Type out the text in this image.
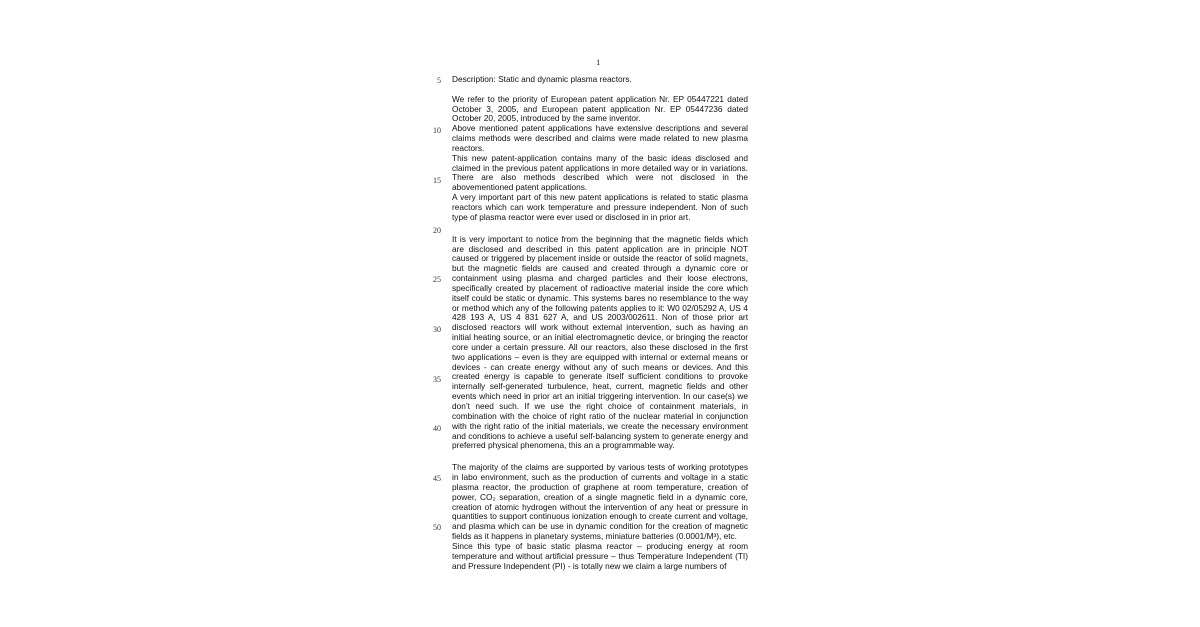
1
5
10
15
20
25
30
35
40
45
50

Description: Static and dynamic plasma reactors.

We refer to the priority of European patent application Nr. EP 05447221 dated October 3, 2005, and European patent application Nr. EP 05447236 dated October 20, 2005, introduced by the same inventor.

Above mentioned patent applications have extensive descriptions and several claims methods were described and claims were made related to new plasma reactors.

This new patent-application contains many of the basic ideas disclosed and claimed in the previous patent applications in more detailed way or in variations. There are also methods described which were not disclosed in the abovementioned patent applications.

A very important part of this new patent applications is related to static plasma reactors which can work temperature and pressure independent. Non of such type of plasma reactor were ever used or disclosed in in prior art.

It is very important to notice from the beginning that the magnetic fields which are disclosed and described in this patent application are in principle NOT caused or triggered by placement inside or outside the reactor of solid magnets, but the magnetic fields are caused and created through a dynamic core or containment using plasma and charged particles and their loose electrons, specifically created by placement of radioactive material inside the core which itself could be static or dynamic. This systems bares no resemblance to the way or method which any of the following patents applies to it: W0 02/05292 A, US 4 428 193 A, US 4 831 627 A, and US 2003/002611. Non of those prior art disclosed reactors will work without external intervention, such as having an initial heating source, or an initial electromagnetic device, or bringing the reactor core under a certain pressure. All our reactors, also these disclosed in the first two applications – even is they are equipped with internal or external means or devices - can create energy without any of such means or devices. And this created energy is capable to generate itself sufficient conditions to provoke internally self-generated turbulence, heat, current, magnetic fields and other events which need in prior art an initial triggering intervention. In our case(s) we don’t need such. If we use the right choice of containment materials, in combination with the choice of right ratio of the nuclear material in conjunction with the right ratio of the initial materials, we create the necessary environment and conditions to achieve a useful self-balancing system to generate energy and preferred physical phenomena, this an a programmable way.

The majority of the claims are supported by various tests of working prototypes in labo environment, such as the production of currents and voltage in a static plasma reactor, the production of graphene at room temperature, creation of power, CO₂ separation, creation of a single magnetic field in a dynamic core, creation of atomic hydrogen without the intervention of any heat or pressure in quantities to support continuous ionization enough to create current and voltage, and plasma which can be use in dynamic condition for the creation of magnetic fields as it happens in planetary systems, miniature batteries (0.0001/M³), etc.

Since this type of basic static plasma reactor – producing energy at room temperature and without artificial pressure – thus Temperature Independent (TI) and Pressure Independent (PI) - is totally new we claim a large numbers of
